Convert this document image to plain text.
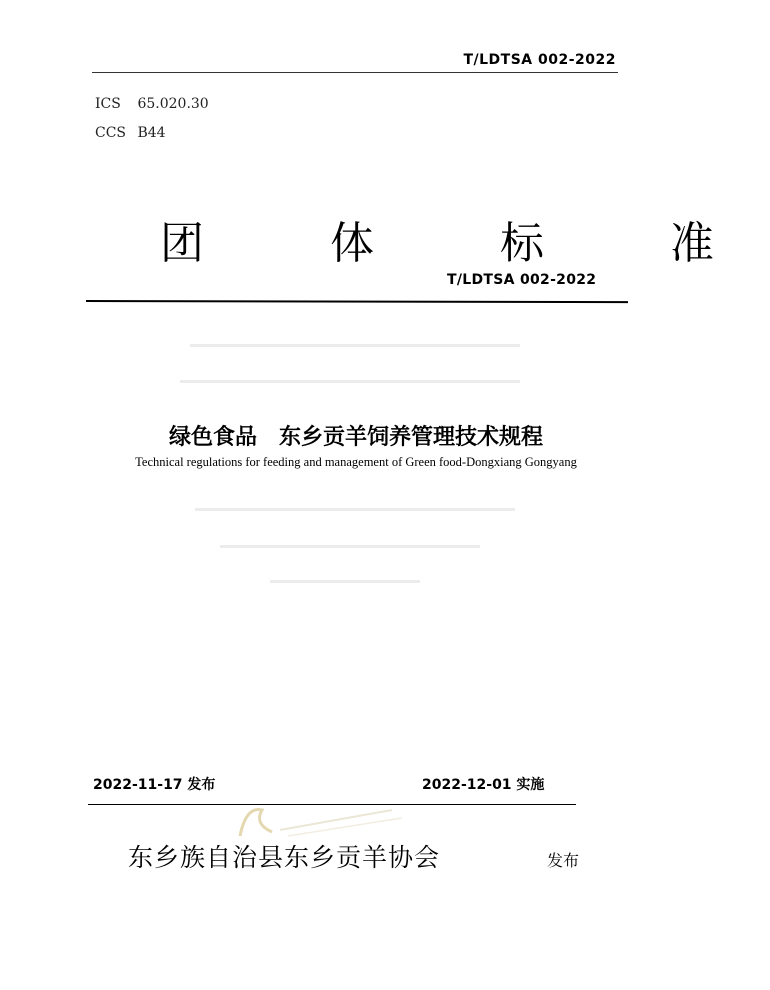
T/LDTSA 002-2022
ICS 65.020.30
CCS B44
团 体 标 准
T/LDTSA 002-2022
绿色食品　东乡贡羊饲养管理技术规程
Technical regulations for feeding and management of Green food-Dongxiang Gongyang
2022-11-17 发布	2022-12-01 实施
东乡族自治县东乡贡羊协会	发布
